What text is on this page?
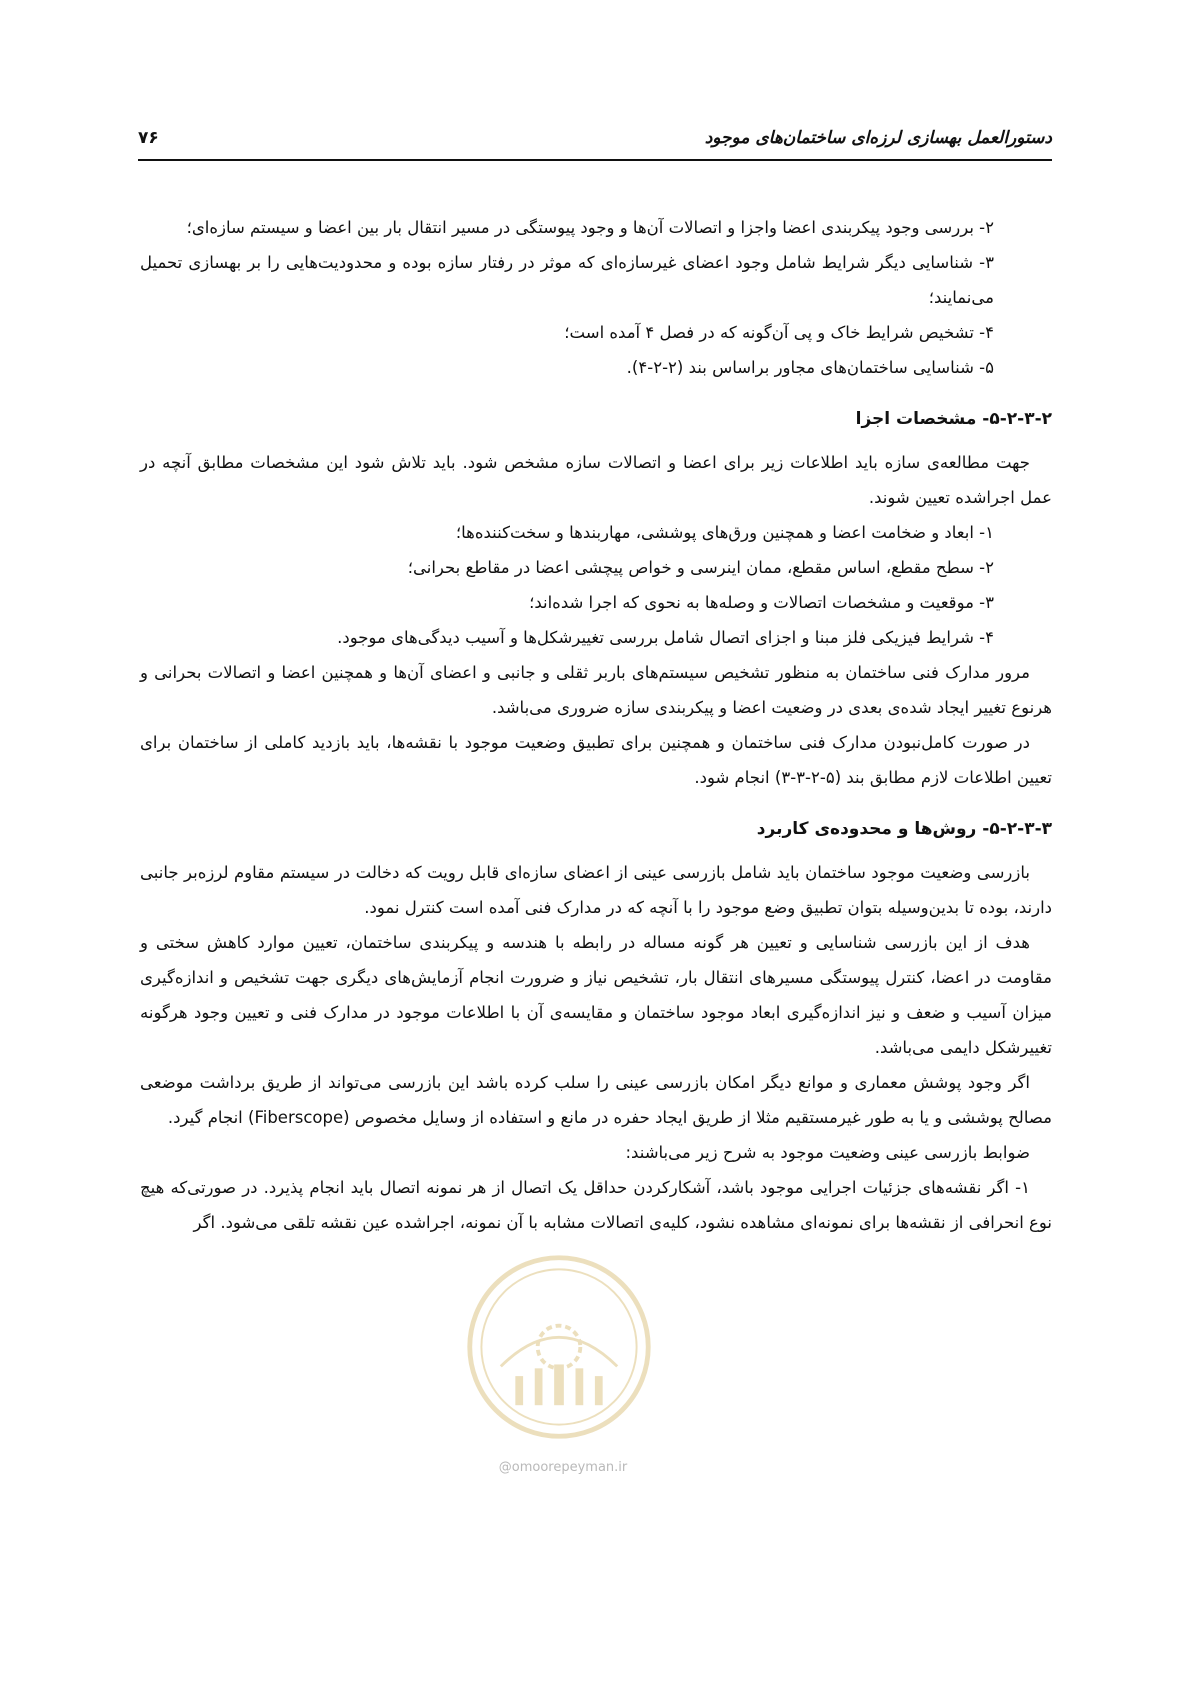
دستورالعمل بهسازی لرزه‌ای ساختمان‌های موجود
۷۶

۲- بررسی وجود پیکربندی اعضا واجزا و اتصالات آن‌ها و وجود پیوستگی در مسیر انتقال بار بین اعضا و سیستم سازه‌ای؛

۳- شناسایی دیگر شرایط شامل وجود اعضای غیرسازه‌ای که موثر در رفتار سازه بوده و محدودیت‌هایی را بر بهسازی تحمیل می‌نمایند؛

۴- تشخیص شرایط خاک و پی آن‌گونه که در فصل ۴ آمده است؛

۵- شناسایی ساختمان‌های مجاور براساس بند (۲-۲-۴).

۵-۲-۳-۲- مشخصات اجزا

جهت مطالعه‌ی سازه باید اطلاعات زیر برای اعضا و اتصالات سازه مشخص شود. باید تلاش شود این مشخصات مطابق آنچه در عمل اجراشده تعیین شوند.

۱- ابعاد و ضخامت اعضا و همچنین ورق‌های پوششی، مهاربندها و سخت‌کننده‌ها؛

۲- سطح مقطع، اساس مقطع، ممان اینرسی و خواص پیچشی اعضا در مقاطع بحرانی؛

۳- موقعیت و مشخصات اتصالات و وصله‌ها به نحوی که اجرا شده‌اند؛

۴- شرایط فیزیکی فلز مبنا و اجزای اتصال شامل بررسی تغییرشکل‌ها و آسیب دیدگی‌های موجود.

مرور مدارک فنی ساختمان به منظور تشخیص سیستم‌های باربر ثقلی و جانبی و اعضای آن‌ها و همچنین اعضا و اتصالات بحرانی و هرنوع تغییر ایجاد شده‌ی بعدی در وضعیت اعضا و پیکربندی سازه ضروری می‌باشد.

در صورت کامل‌نبودن مدارک فنی ساختمان و همچنین برای تطبیق وضعیت موجود با نقشه‌ها، باید بازدید کاملی از ساختمان برای تعیین اطلاعات لازم مطابق بند (۵-۲-۳-۳) انجام شود.

۵-۲-۳-۳- روش‌ها و محدوده‌ی کاربرد

بازرسی وضعیت موجود ساختمان باید شامل بازرسی عینی از اعضای سازه‌ای قابل رویت که دخالت در سیستم مقاوم لرزه‌بر جانبی دارند، بوده تا بدین‌وسیله بتوان تطبیق وضع موجود را با آنچه که در مدارک فنی آمده است کنترل نمود.

هدف از این بازرسی شناسایی و تعیین هر گونه مساله در رابطه با هندسه و پیکربندی ساختمان، تعیین موارد کاهش سختی و مقاومت در اعضا، کنترل پیوستگی مسیرهای انتقال بار، تشخیص نیاز و ضرورت انجام آزمایش‌های دیگری جهت تشخیص و اندازه‌گیری میزان آسیب و ضعف و نیز اندازه‌گیری ابعاد موجود ساختمان و مقایسه‌ی آن با اطلاعات موجود در مدارک فنی و تعیین وجود هرگونه تغییرشکل دایمی می‌باشد.

اگر وجود پوشش معماری و موانع دیگر امکان بازرسی عینی را سلب کرده باشد این بازرسی می‌تواند از طریق برداشت موضعی مصالح پوششی و یا به طور غیرمستقیم مثلا از طریق ایجاد حفره در مانع و استفاده از وسایل مخصوص (Fiberscope) انجام گیرد.

ضوابط بازرسی عینی وضعیت موجود به شرح زیر می‌باشند:

۱- اگر نقشه‌های جزئیات اجرایی موجود باشد، آشکارکردن حداقل یک اتصال از هر نمونه اتصال باید انجام پذیرد. در صورتی‌که هیچ نوع انحرافی از نقشه‌ها برای نمونه‌ای مشاهده نشود، کلیه‌ی اتصالات مشابه با آن نمونه، اجراشده عین نقشه تلقی می‌شود. اگر

@omoorepeyman.ir
